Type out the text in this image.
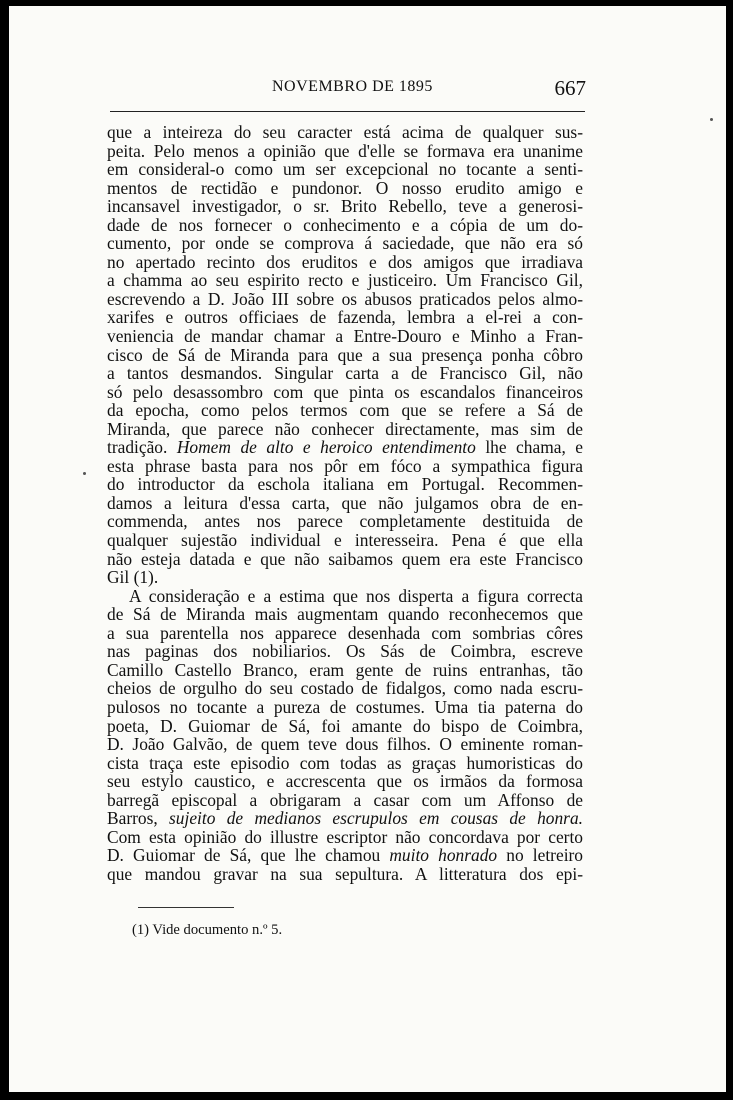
NOVEMBRO DE 1895	667
que a inteireza do seu caracter está acima de qualquer sus-
peita. Pelo menos a opinião que d'elle se formava era unanime
em consideral-o como um ser excepcional no tocante a senti-
mentos de rectidão e pundonor. O nosso erudito amigo e
incansavel investigador, o sr. Brito Rebello, teve a generosi-
dade de nos fornecer o conhecimento e a cópia de um do-
cumento, por onde se comprova á saciedade, que não era só
no apertado recinto dos eruditos e dos amigos que irradiava
a chamma ao seu espirito recto e justiceiro. Um Francisco Gil,
escrevendo a D. João III sobre os abusos praticados pelos almo-
xarifes e outros officiaes de fazenda, lembra a el-rei a con-
veniencia de mandar chamar a Entre-Douro e Minho a Fran-
cisco de Sá de Miranda para que a sua presença ponha côbro
a tantos desmandos. Singular carta a de Francisco Gil, não
só pelo desassombro com que pinta os escandalos financeiros
da epocha, como pelos termos com que se refere a Sá de
Miranda, que parece não conhecer directamente, mas sim de
tradição. Homem de alto e heroico entendimento lhe chama, e
esta phrase basta para nos pôr em fóco a sympathica figura
do introductor da eschola italiana em Portugal. Recommen-
damos a leitura d'essa carta, que não julgamos obra de en-
commenda, antes nos parece completamente destituida de
qualquer sujestão individual e interesseira. Pena é que ella
não esteja datada e que não saibamos quem era este Francisco
Gil (1).
A consideração e a estima que nos disperta a figura correcta
de Sá de Miranda mais augmentam quando reconhecemos que
a sua parentella nos apparece desenhada com sombrias côres
nas paginas dos nobiliarios. Os Sás de Coimbra, escreve
Camillo Castello Branco, eram gente de ruins entranhas, tão
cheios de orgulho do seu costado de fidalgos, como nada escru-
pulosos no tocante a pureza de costumes. Uma tia paterna do
poeta, D. Guiomar de Sá, foi amante do bispo de Coimbra,
D. João Galvão, de quem teve dous filhos. O eminente roman-
cista traça este episodio com todas as graças humoristicas do
seu estylo caustico, e accrescenta que os irmãos da formosa
barregã episcopal a obrigaram a casar com um Affonso de
Barros, sujeito de medianos escrupulos em cousas de honra.
Com esta opinião do illustre escriptor não concordava por certo
D. Guiomar de Sá, que lhe chamou muito honrado no letreiro
que mandou gravar na sua sepultura. A litteratura dos epi-
(1) Vide documento n.º 5.
